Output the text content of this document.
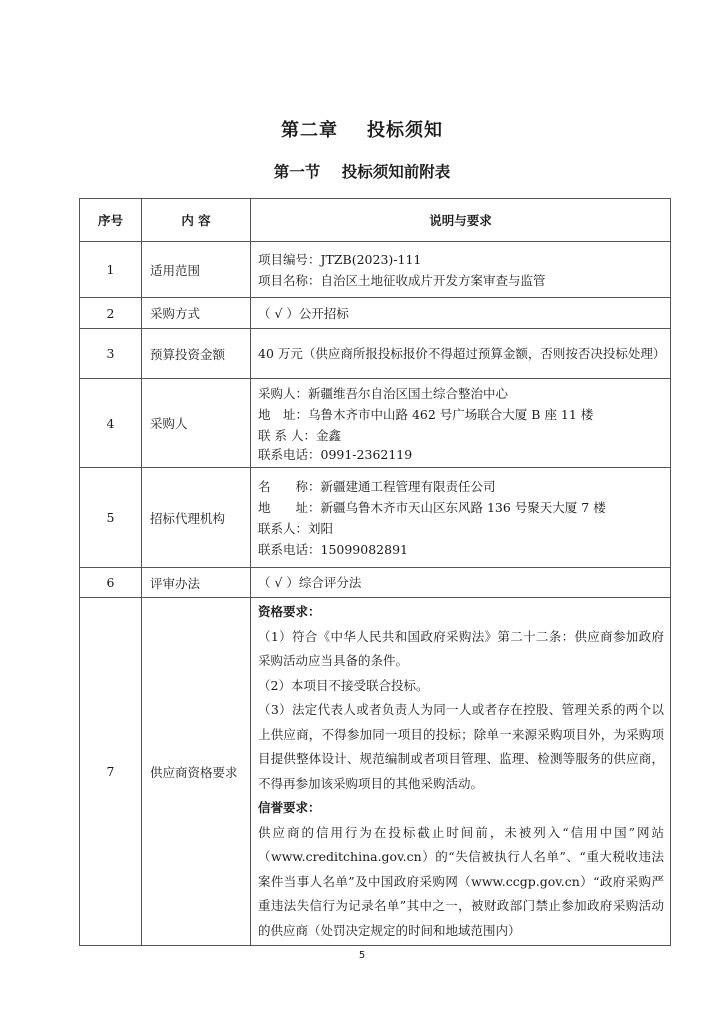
第二章    投标须知
第一节    投标须知前附表
序号	内 容	说明与要求
1	适用范围	项目编号：JTZB(2023)-111
项目名称：自治区土地征收成片开发方案审查与监管

2	采购方式	（ √ ）公开招标

3	预算投资金额	40 万元（供应商所报投标报价不得超过预算金额，否则按否决投标处理）

4	采购人	采购人：新疆维吾尔自治区国土综合整治中心
地　址：乌鲁木齐市中山路 462 号广场联合大厦 B 座 11 楼
联 系 人：金鑫
联系电话：0991-2362119

5	招标代理机构	名　　称：新疆建通工程管理有限责任公司
地　　址：新疆乌鲁木齐市天山区东风路 136 号聚天大厦 7 楼
联系人：刘阳
联系电话：15099082891

6	评审办法	（ √ ）综合评分法

7	供应商资格要求	
资格要求：
（1）符合《中华人民共和国政府采购法》第二十二条：供应商参加政府采购活动应当具备的条件。
（2）本项目不接受联合投标。
（3）法定代表人或者负责人为同一人或者存在控股、管理关系的两个以上供应商，不得参加同一项目的投标；除单一来源采购项目外，为采购项目提供整体设计、规范编制或者项目管理、监理、检测等服务的供应商，不得再参加该采购项目的其他采购活动。
信誉要求：
供应商的信用行为在投标截止时间前，未被列入“信用中国”网站（www.creditchina.gov.cn）的“失信被执行人名单”、“重大税收违法案件当事人名单”及中国政府采购网（www.ccgp.gov.cn）“政府采购严重违法失信行为记录名单”其中之一，被财政部门禁止参加政府采购活动的供应商（处罚决定规定的时间和地域范围内）
5
